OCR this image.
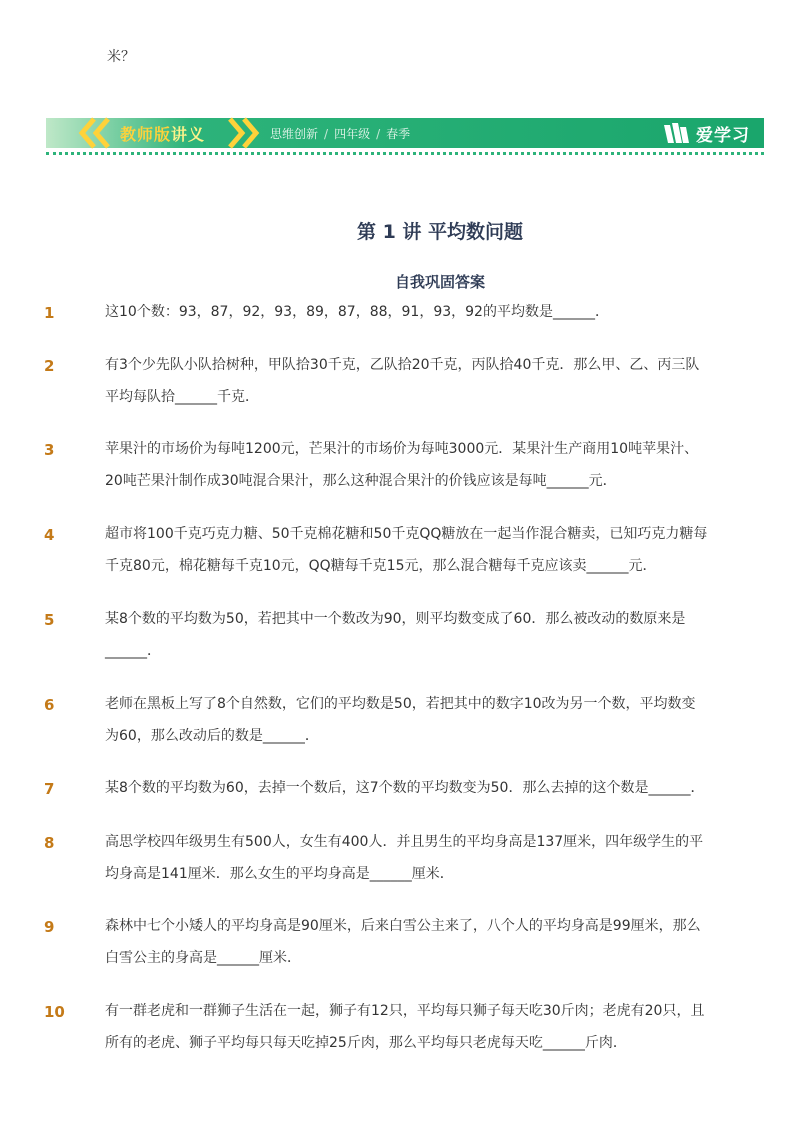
米？
教师版讲义	思维创新 / 四年级 / 春季	爱学习
第 1 讲 平均数问题
自我巩固答案
1	这10个数：93，87，92，93，89，87，88，91，93，92的平均数是______．

2	有3个少先队小队拾树种，甲队拾30千克，乙队拾20千克，丙队拾40千克．那么甲、乙、丙三队

平均每队拾______千克．

3	苹果汁的市场价为每吨1200元，芒果汁的市场价为每吨3000元．某果汁生产商用10吨苹果汁、

20吨芒果汁制作成30吨混合果汁，那么这种混合果汁的价钱应该是每吨______元．

4	超市将100千克巧克力糖、50千克棉花糖和50千克QQ糖放在一起当作混合糖卖，已知巧克力糖每

千克80元，棉花糖每千克10元，QQ糖每千克15元，那么混合糖每千克应该卖______元．

5	某8个数的平均数为50，若把其中一个数改为90，则平均数变成了60．那么被改动的数原来是

______．

6	老师在黑板上写了8个自然数，它们的平均数是50，若把其中的数字10改为另一个数，平均数变

为60，那么改动后的数是______．

7	某8个数的平均数为60，去掉一个数后，这7个数的平均数变为50．那么去掉的这个数是______．

8	高思学校四年级男生有500人，女生有400人．并且男生的平均身高是137厘米，四年级学生的平

均身高是141厘米．那么女生的平均身高是______厘米．

9	森林中七个小矮人的平均身高是90厘米，后来白雪公主来了，八个人的平均身高是99厘米，那么

白雪公主的身高是______厘米．

10	有一群老虎和一群狮子生活在一起，狮子有12只，平均每只狮子每天吃30斤肉；老虎有20只，且

所有的老虎、狮子平均每只每天吃掉25斤肉，那么平均每只老虎每天吃______斤肉．
